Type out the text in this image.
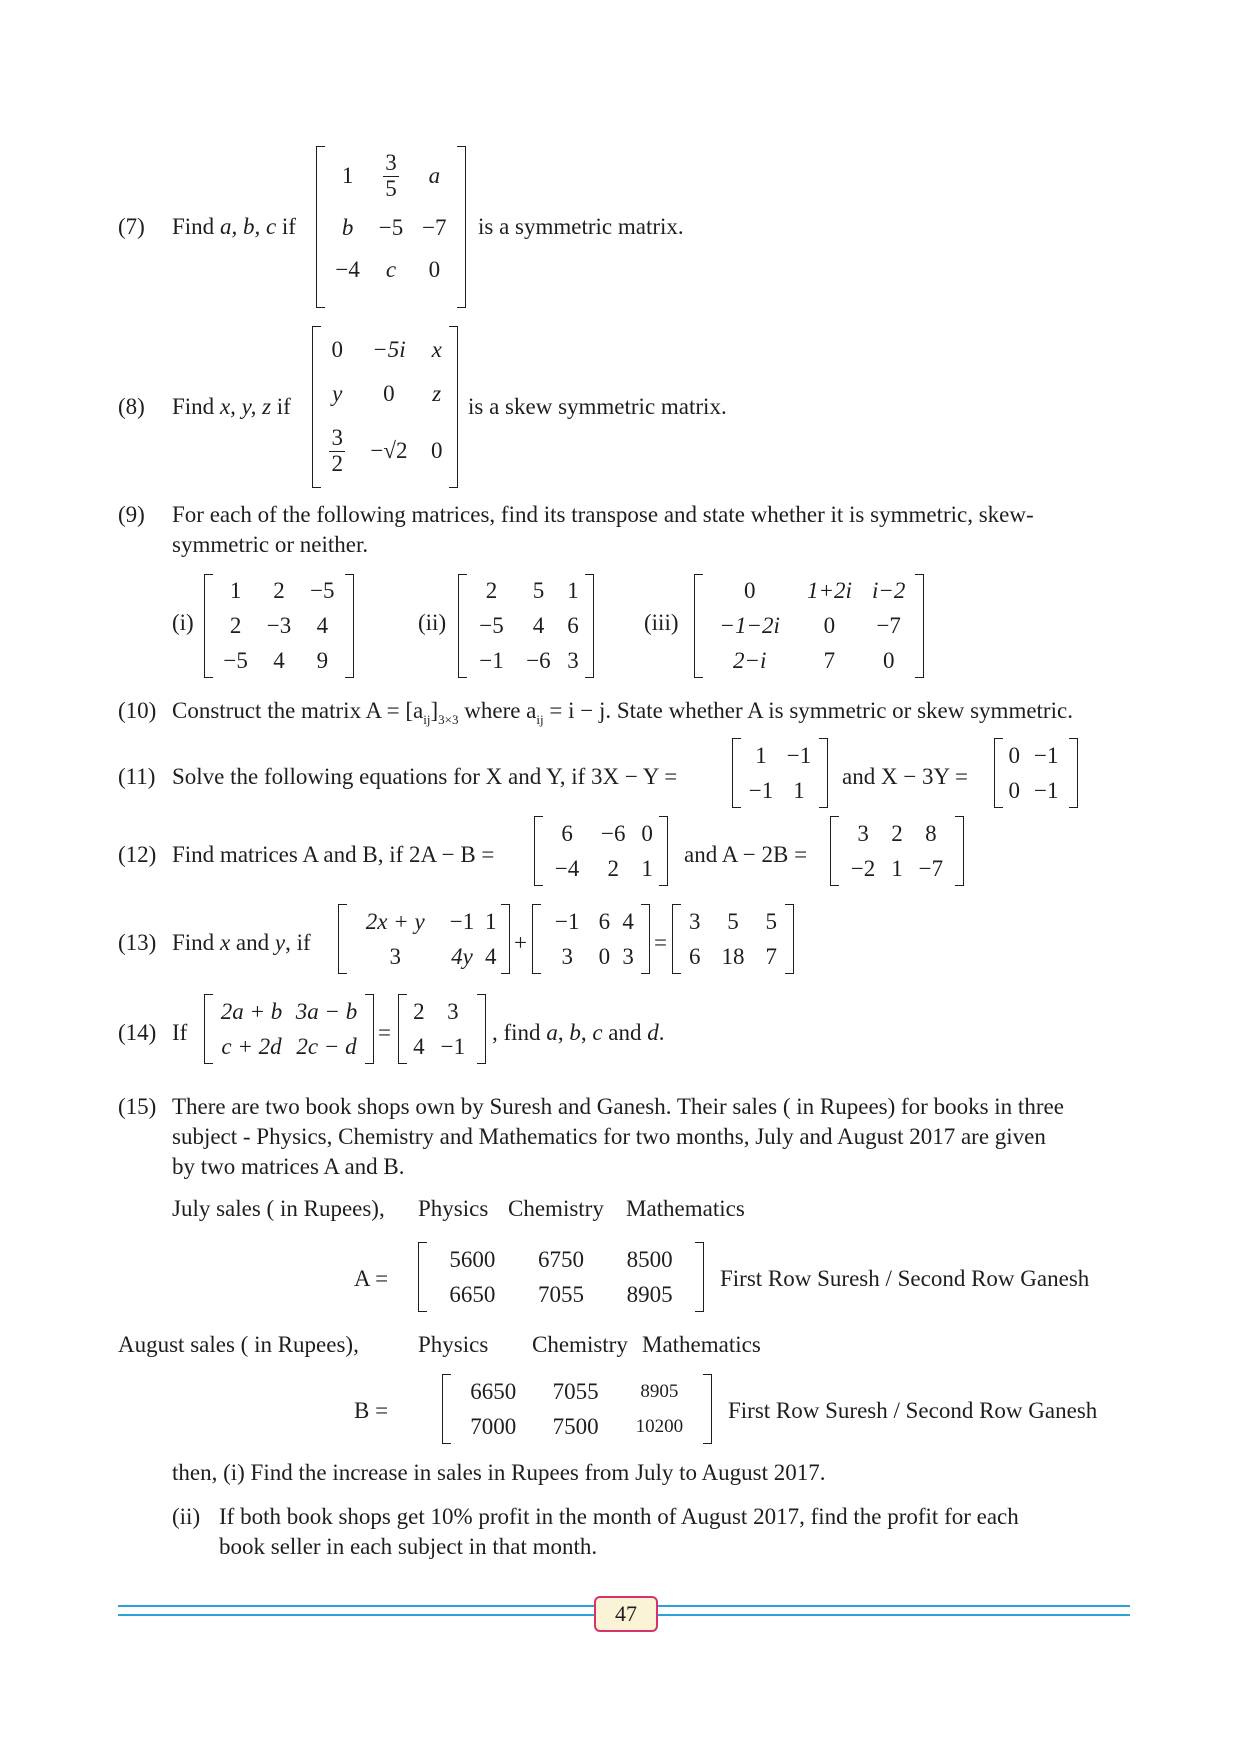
(7) Find a, b, c if
1	$\frac{3}{5}$	a
b	−5	−7
−4	c	0

is a symmetric matrix.
(8) Find x, y, z if
0	−5i	x
y	0	z

$\frac{3}{2}$	−√2	0
is a skew symmetric matrix.
(9) For each of the following matrices, find its transpose and state whether it is symmetric, skew-
symmetric or neither.
(i)
1	2	−5
2	−3	4
−5	4	9
(ii)
2	5	1
−5	4	6
−1	−6	3
(iii)
0	1+2i	i−2
−1−2i	0	−7
2−i	7	0
(10) Construct the matrix $A = [a_{ij}]_{3\times 3}$ where $a_{ij} = i - j$. State whether A is symmetric or skew symmetric.
(11) Solve the following equations for X and Y, if 3X − Y =
1	−1
−1	1
and X − 3Y =
0	−1
0	−1
(12) Find matrices A and B, if 2A − B =
6	−6	0
−4	2	1
and A − 2B =
3	2	8
−2	1	−7
(13) Find x and y, if
2x + y	−1	1
3	4y	4
+
−1	6	4
3	0	3
=
3	5	5
6	18	7
(14) If
2a + b	3a − b
c + 2d	2c − d
=
2	3
4	−1
, find a, b, c and d.
(15) There are two book shops own by Suresh and Ganesh. Their sales ( in Rupees) for books in three
subject - Physics, Chemistry and Mathematics for two months, July and August 2017 are given
by two matrices A and B.
July sales ( in Rupees), Physics Chemistry Mathematics
A =
5600	6750	8500
6650	7055	8905
First Row Suresh / Second Row Ganesh
August sales ( in Rupees),	Physics Chemistry Mathematics
B =
6650	7055	8905
7000	7500	10200
First Row Suresh / Second Row Ganesh
then, (i) Find the increase in sales in Rupees from July to August 2017.
(ii) If both book shops get 10% profit in the month of August 2017, find the profit for each
book seller in each subject in that month.
47
